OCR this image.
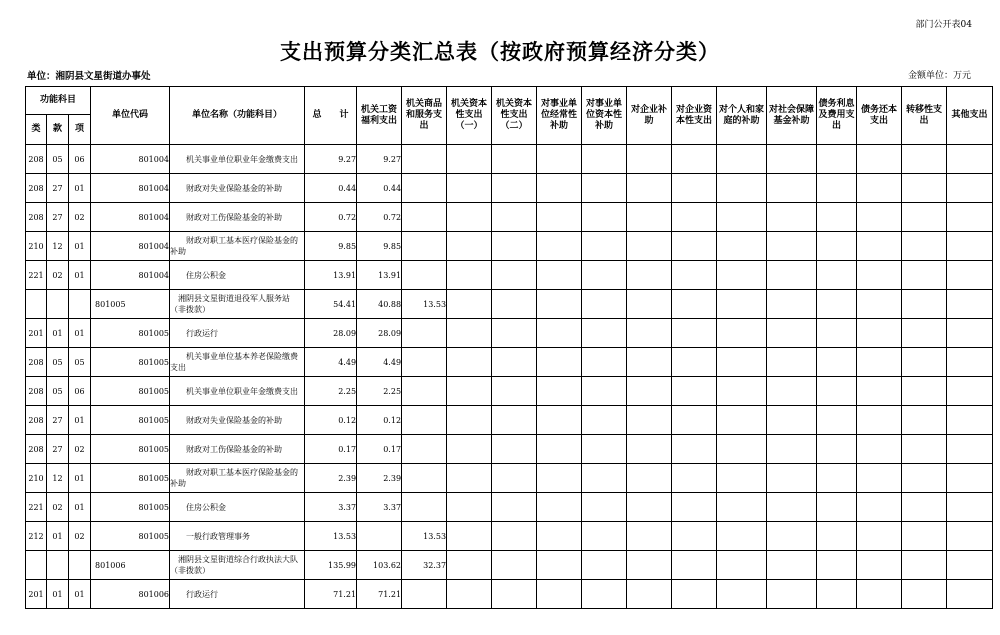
部门公开表04
支出预算分类汇总表（按政府预算经济分类）
单位：湘阴县文星街道办事处	金额单位：万元
功能科目			单位代码	单位名称（功能科目）	总　　计	机关工资福利支出	机关商品和服务支出	机关资本性支出（一）	机关资本性支出（二）	对事业单位经常性补助	对事业单位资本性补助	对企业补助	对企业资本性支出	对个人和家庭的补助	对社会保障基金补助	债务利息及费用支出	债务还本支出	转移性支出	其他支出
类	款	项																	
208	05	06	801004	　　机关事业单位职业年金缴费支出	9.27	9.27													
208	27	01	801004	　　财政对失业保险基金的补助	0.44	0.44													
208	27	02	801004	　　财政对工伤保险基金的补助	0.72	0.72													
210	12	01	801004	　　财政对职工基本医疗保险基金的补助	9.85	9.85													
221	02	01	801004	　　住房公积金	13.91	13.91													
			801005	　湘阴县文星街道退役军人服务站（非拨款）	54.41	40.88	13.53												
201	01	01	801005	　　行政运行	28.09	28.09													
208	05	05	801005	　　机关事业单位基本养老保险缴费支出	4.49	4.49													
208	05	06	801005	　　机关事业单位职业年金缴费支出	2.25	2.25													
208	27	01	801005	　　财政对失业保险基金的补助	0.12	0.12													
208	27	02	801005	　　财政对工伤保险基金的补助	0.17	0.17													
210	12	01	801005	　　财政对职工基本医疗保险基金的补助	2.39	2.39													
221	02	01	801005	　　住房公积金	3.37	3.37													
212	01	02	801005	　　一般行政管理事务	13.53		13.53												
			801006	　湘阴县文星街道综合行政执法大队（非拨款）	135.99	103.62	32.37												
201	01	01	801006	　　行政运行	71.21	71.21													
